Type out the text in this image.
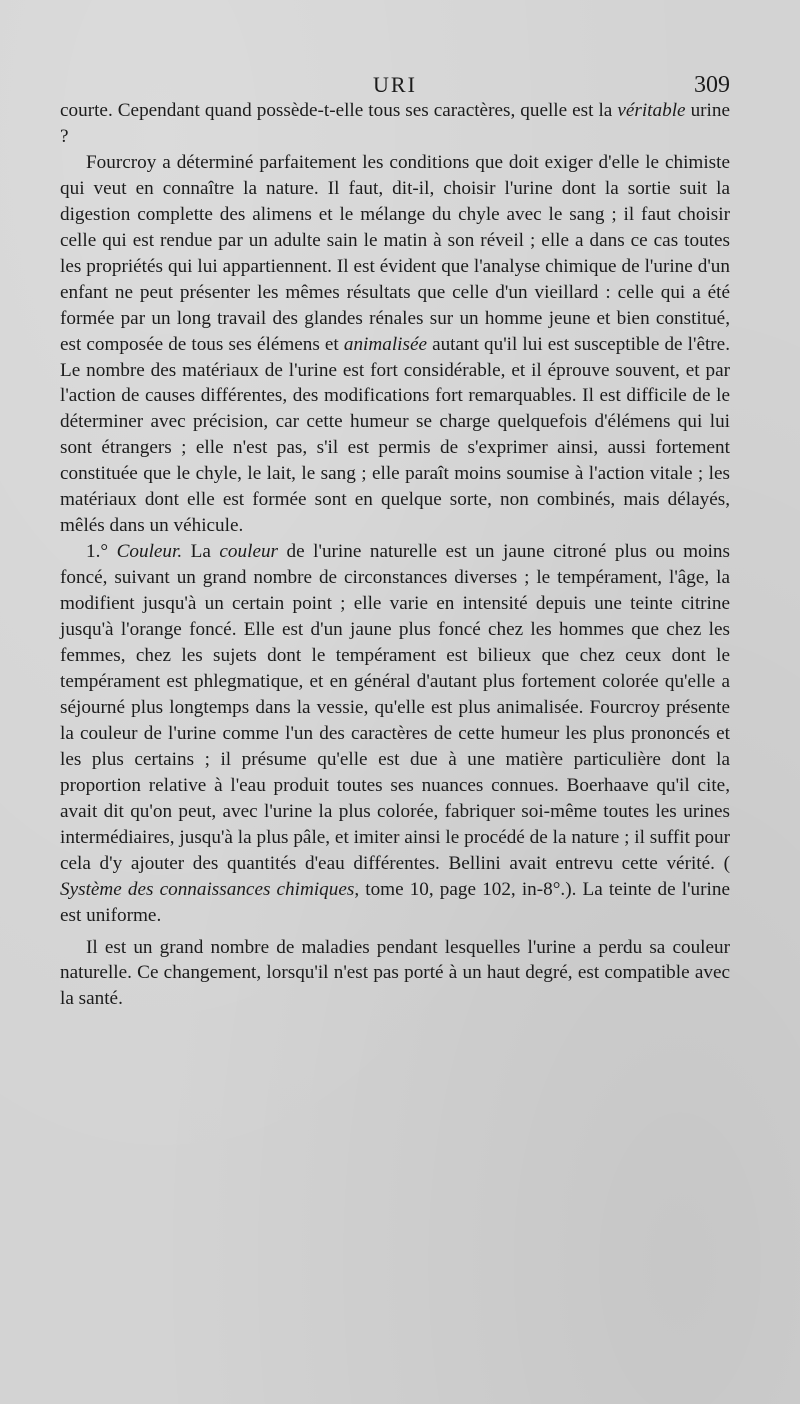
URI	309

courte. Cependant quand possède-t-elle tous ses caractères, quelle est la véritable urine ?

Fourcroy a déterminé parfaitement les conditions que doit exiger d'elle le chimiste qui veut en connaître la nature. Il faut, dit-il, choisir l'urine dont la sortie suit la digestion complette des alimens et le mélange du chyle avec le sang ; il faut choisir celle qui est rendue par un adulte sain le matin à son réveil ; elle a dans ce cas toutes les propriétés qui lui appartiennent. Il est évident que l'analyse chimique de l'urine d'un enfant ne peut présenter les mêmes résultats que celle d'un vieillard : celle qui a été formée par un long travail des glandes rénales sur un homme jeune et bien constitué, est composée de tous ses élémens et animalisée autant qu'il lui est susceptible de l'être. Le nombre des matériaux de l'urine est fort considérable, et il éprouve souvent, et par l'action de causes différentes, des modifications fort remarquables. Il est difficile de le déterminer avec précision, car cette humeur se charge quelquefois d'élémens qui lui sont étrangers ; elle n'est pas, s'il est permis de s'exprimer ainsi, aussi fortement constituée que le chyle, le lait, le sang ; elle paraît moins soumise à l'action vitale ; les matériaux dont elle est formée sont en quelque sorte, non combinés, mais délayés, mêlés dans un véhicule.

1.° Couleur. La couleur de l'urine naturelle est un jaune citroné plus ou moins foncé, suivant un grand nombre de circonstances diverses ; le tempérament, l'âge, la modifient jusqu'à un certain point ; elle varie en intensité depuis une teinte citrine jusqu'à l'orange foncé. Elle est d'un jaune plus foncé chez les hommes que chez les femmes, chez les sujets dont le tempérament est bilieux que chez ceux dont le tempérament est phlegmatique, et en général d'autant plus fortement colorée qu'elle a séjourné plus longtemps dans la vessie, qu'elle est plus animalisée. Fourcroy présente la couleur de l'urine comme l'un des caractères de cette humeur les plus prononcés et les plus certains ; il présume qu'elle est due à une matière particulière dont la proportion relative à l'eau produit toutes ses nuances connues. Boerhaave qu'il cite, avait dit qu'on peut, avec l'urine la plus colorée, fabriquer soi-même toutes les urines intermédiaires, jusqu'à la plus pâle, et imiter ainsi le procédé de la nature ; il suffit pour cela d'y ajouter des quantités d'eau différentes. Bellini avait entrevu cette vérité. ( Système des connaissances chimiques, tome 10, page 102, in-8°.). La teinte de l'urine est uniforme.

Il est un grand nombre de maladies pendant lesquelles l'urine a perdu sa couleur naturelle. Ce changement, lorsqu'il n'est pas porté à un haut degré, est compatible avec la santé.
